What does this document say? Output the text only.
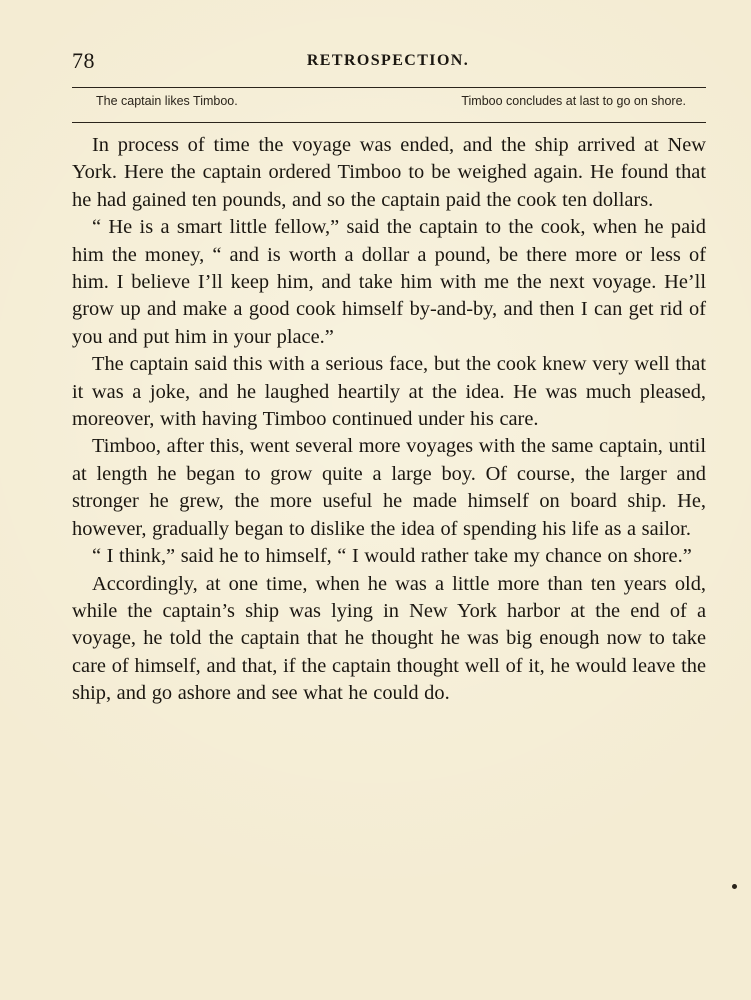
78	RETROSPECTION.
The captain likes Timboo.	Timboo concludes at last to go on shore.

In process of time the voyage was ended, and the ship arrived at New York. Here the captain ordered Timboo to be weighed again. He found that he had gained ten pounds, and so the captain paid the cook ten dollars.

“ He is a smart little fellow,” said the captain to the cook, when he paid him the money, “ and is worth a dollar a pound, be there more or less of him. I believe I’ll keep him, and take him with me the next voyage. He’ll grow up and make a good cook himself by-and-by, and then I can get rid of you and put him in your place.”

The captain said this with a serious face, but the cook knew very well that it was a joke, and he laughed heartily at the idea. He was much pleased, moreover, with having Timboo continued under his care.

Timboo, after this, went several more voyages with the same captain, until at length he began to grow quite a large boy. Of course, the larger and stronger he grew, the more useful he made himself on board ship. He, however, gradually began to dislike the idea of spending his life as a sailor.

“ I think,” said he to himself, “ I would rather take my chance on shore.”

Accordingly, at one time, when he was a little more than ten years old, while the captain’s ship was lying in New York harbor at the end of a voyage, he told the captain that he thought he was big enough now to take care of himself, and that, if the captain thought well of it, he would leave the ship, and go ashore and see what he could do.
